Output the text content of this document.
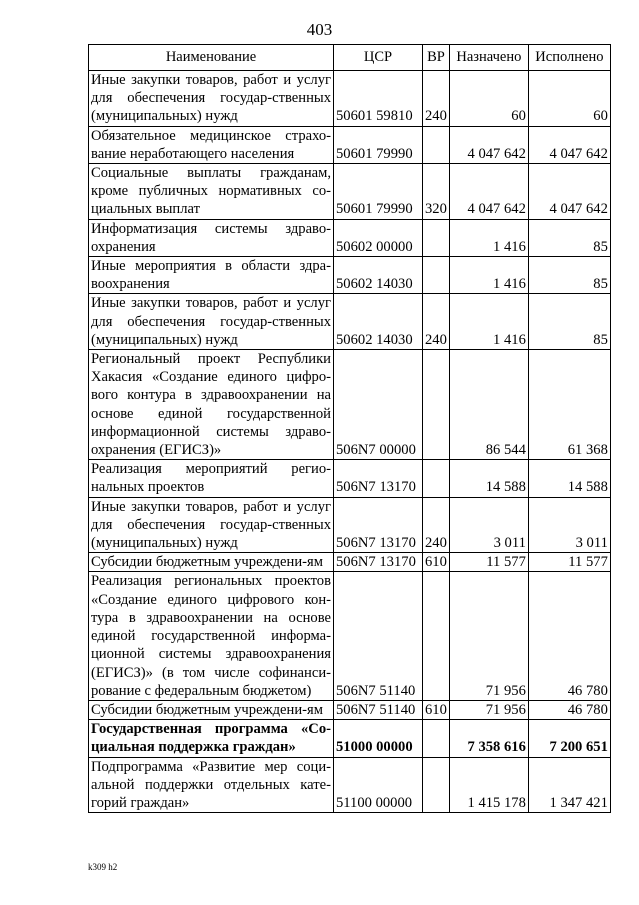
403
Наименование	ЦСР	ВР	Назначено	Исполнено
Иные закупки товаров, работ и услуг для обеспечения государ-ственных (муниципальных) нужд	50601 59810	240	60	60
Обязательное медицинское страхо-вание неработающего населения	50601 79990		4 047 642	4 047 642
Социальные выплаты гражданам, кроме публичных нормативных со-циальных выплат	50601 79990	320	4 047 642	4 047 642
Информатизация системы здраво-охранения	50602 00000		1 416	85
Иные мероприятия в области здра-воохранения	50602 14030		1 416	85
Иные закупки товаров, работ и услуг для обеспечения государ-ственных (муниципальных) нужд	50602 14030	240	1 416	85
Региональный проект Республики Хакасия «Создание единого цифро-вого контура в здравоохранении на основе единой государственной информационной системы здраво-охранения (ЕГИСЗ)»	506N7 00000		86 544	61 368
Реализация мероприятий регио-нальных проектов	506N7 13170		14 588	14 588
Иные закупки товаров, работ и услуг для обеспечения государ-ственных (муниципальных) нужд	506N7 13170	240	3 011	3 011
Субсидии бюджетным учреждени-ям	506N7 13170	610	11 577	11 577
Реализация региональных проектов «Создание единого цифрового кон-тура в здравоохранении на основе единой государственной информа-ционной системы здравоохранения (ЕГИСЗ)» (в том числе софинанси-рование с федеральным бюджетом)	506N7 51140		71 956	46 780
Субсидии бюджетным учреждени-ям	506N7 51140	610	71 956	46 780
Государственная программа «Со-циальная поддержка граждан»	51000 00000		7 358 616	7 200 651
Подпрограмма «Развитие мер соци-альной поддержки отдельных кате-горий граждан»	51100 00000		1 415 178	1 347 421
k309 h2
